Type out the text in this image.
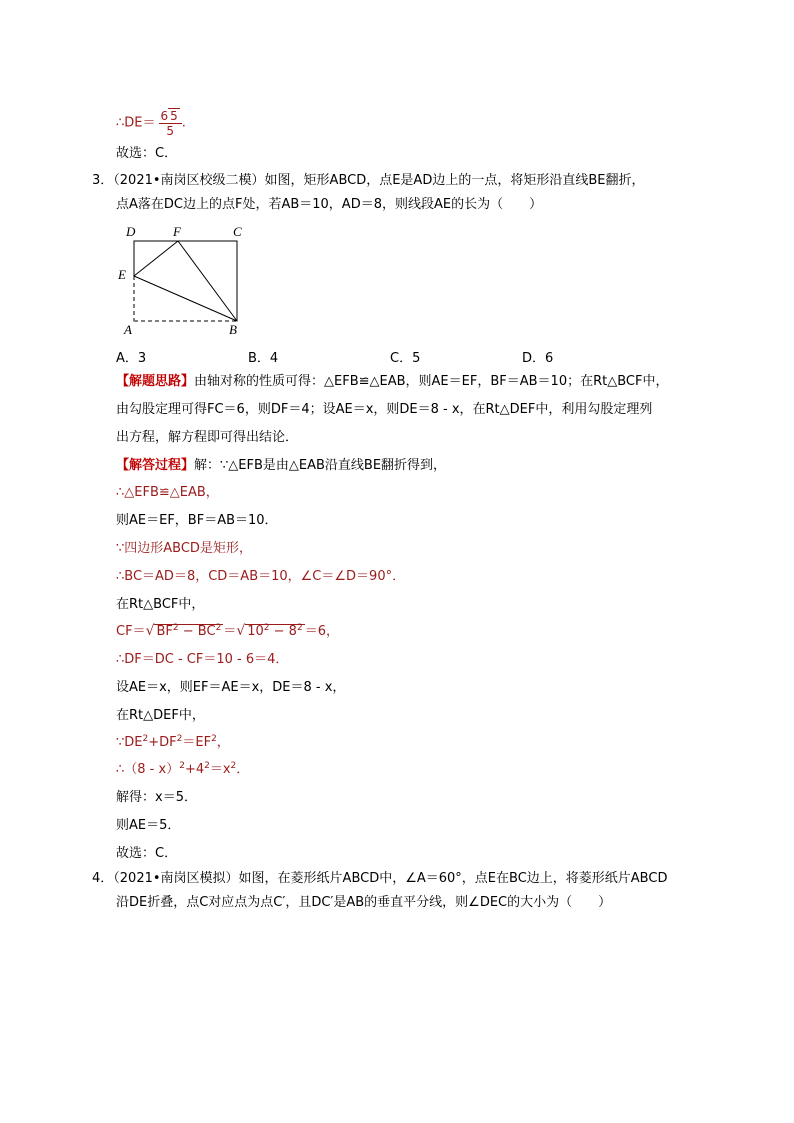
∴DE＝ $\frac{6 5}{5}$ .
故选：C．
3．（2021•南岗区校级二模）如图，矩形ABCD，点E是AD边上的一点，将矩形沿直线BE翻折，
点A落在DC边上的点F处，若AB＝10，AD＝8，则线段AE的长为（　　）
D	F	C
E
A	B
A．3	B．4	C．5	D．6
【解题思路】由轴对称的性质可得：△EFB≌△EAB，则AE＝EF，BF＝AB＝10；在Rt△BCF中，
由勾股定理可得FC＝6，则DF＝4；设AE＝x，则DE＝8 - x，在Rt△DEF中，利用勾股定理列
出方程，解方程即可得出结论．
【解答过程】解：∵△EFB是由△EAB沿直线BE翻折得到，
∴△EFB≌△EAB，
则AE＝EF，BF＝AB＝10．
∵四边形ABCD是矩形，
∴BC＝AD＝8，CD＝AB＝10，∠C＝∠D＝90°．
在Rt△BCF中，
CF＝√ $BF^2 - BC^2$ ＝√ $10^2 - 8^2 =6$，
∴DF＝DC - CF＝10 - 6＝4．
设AE＝x，则EF＝AE＝x，DE＝8 - x，
在Rt△DEF中，
$\because DE^2+DF^2=EF^2$，
∴（8 - $x)^2+4^2=x^2$．
解得：x＝5．
则AE＝5．
故选：C．
4．（2021•南岗区模拟）如图，在菱形纸片ABCD中，∠A＝60°，点E在BC边上，将菱形纸片ABCD
沿DE折叠，点C对应点为点C′，且DC′是AB的垂直平分线，则∠DEC的大小为（　　）
